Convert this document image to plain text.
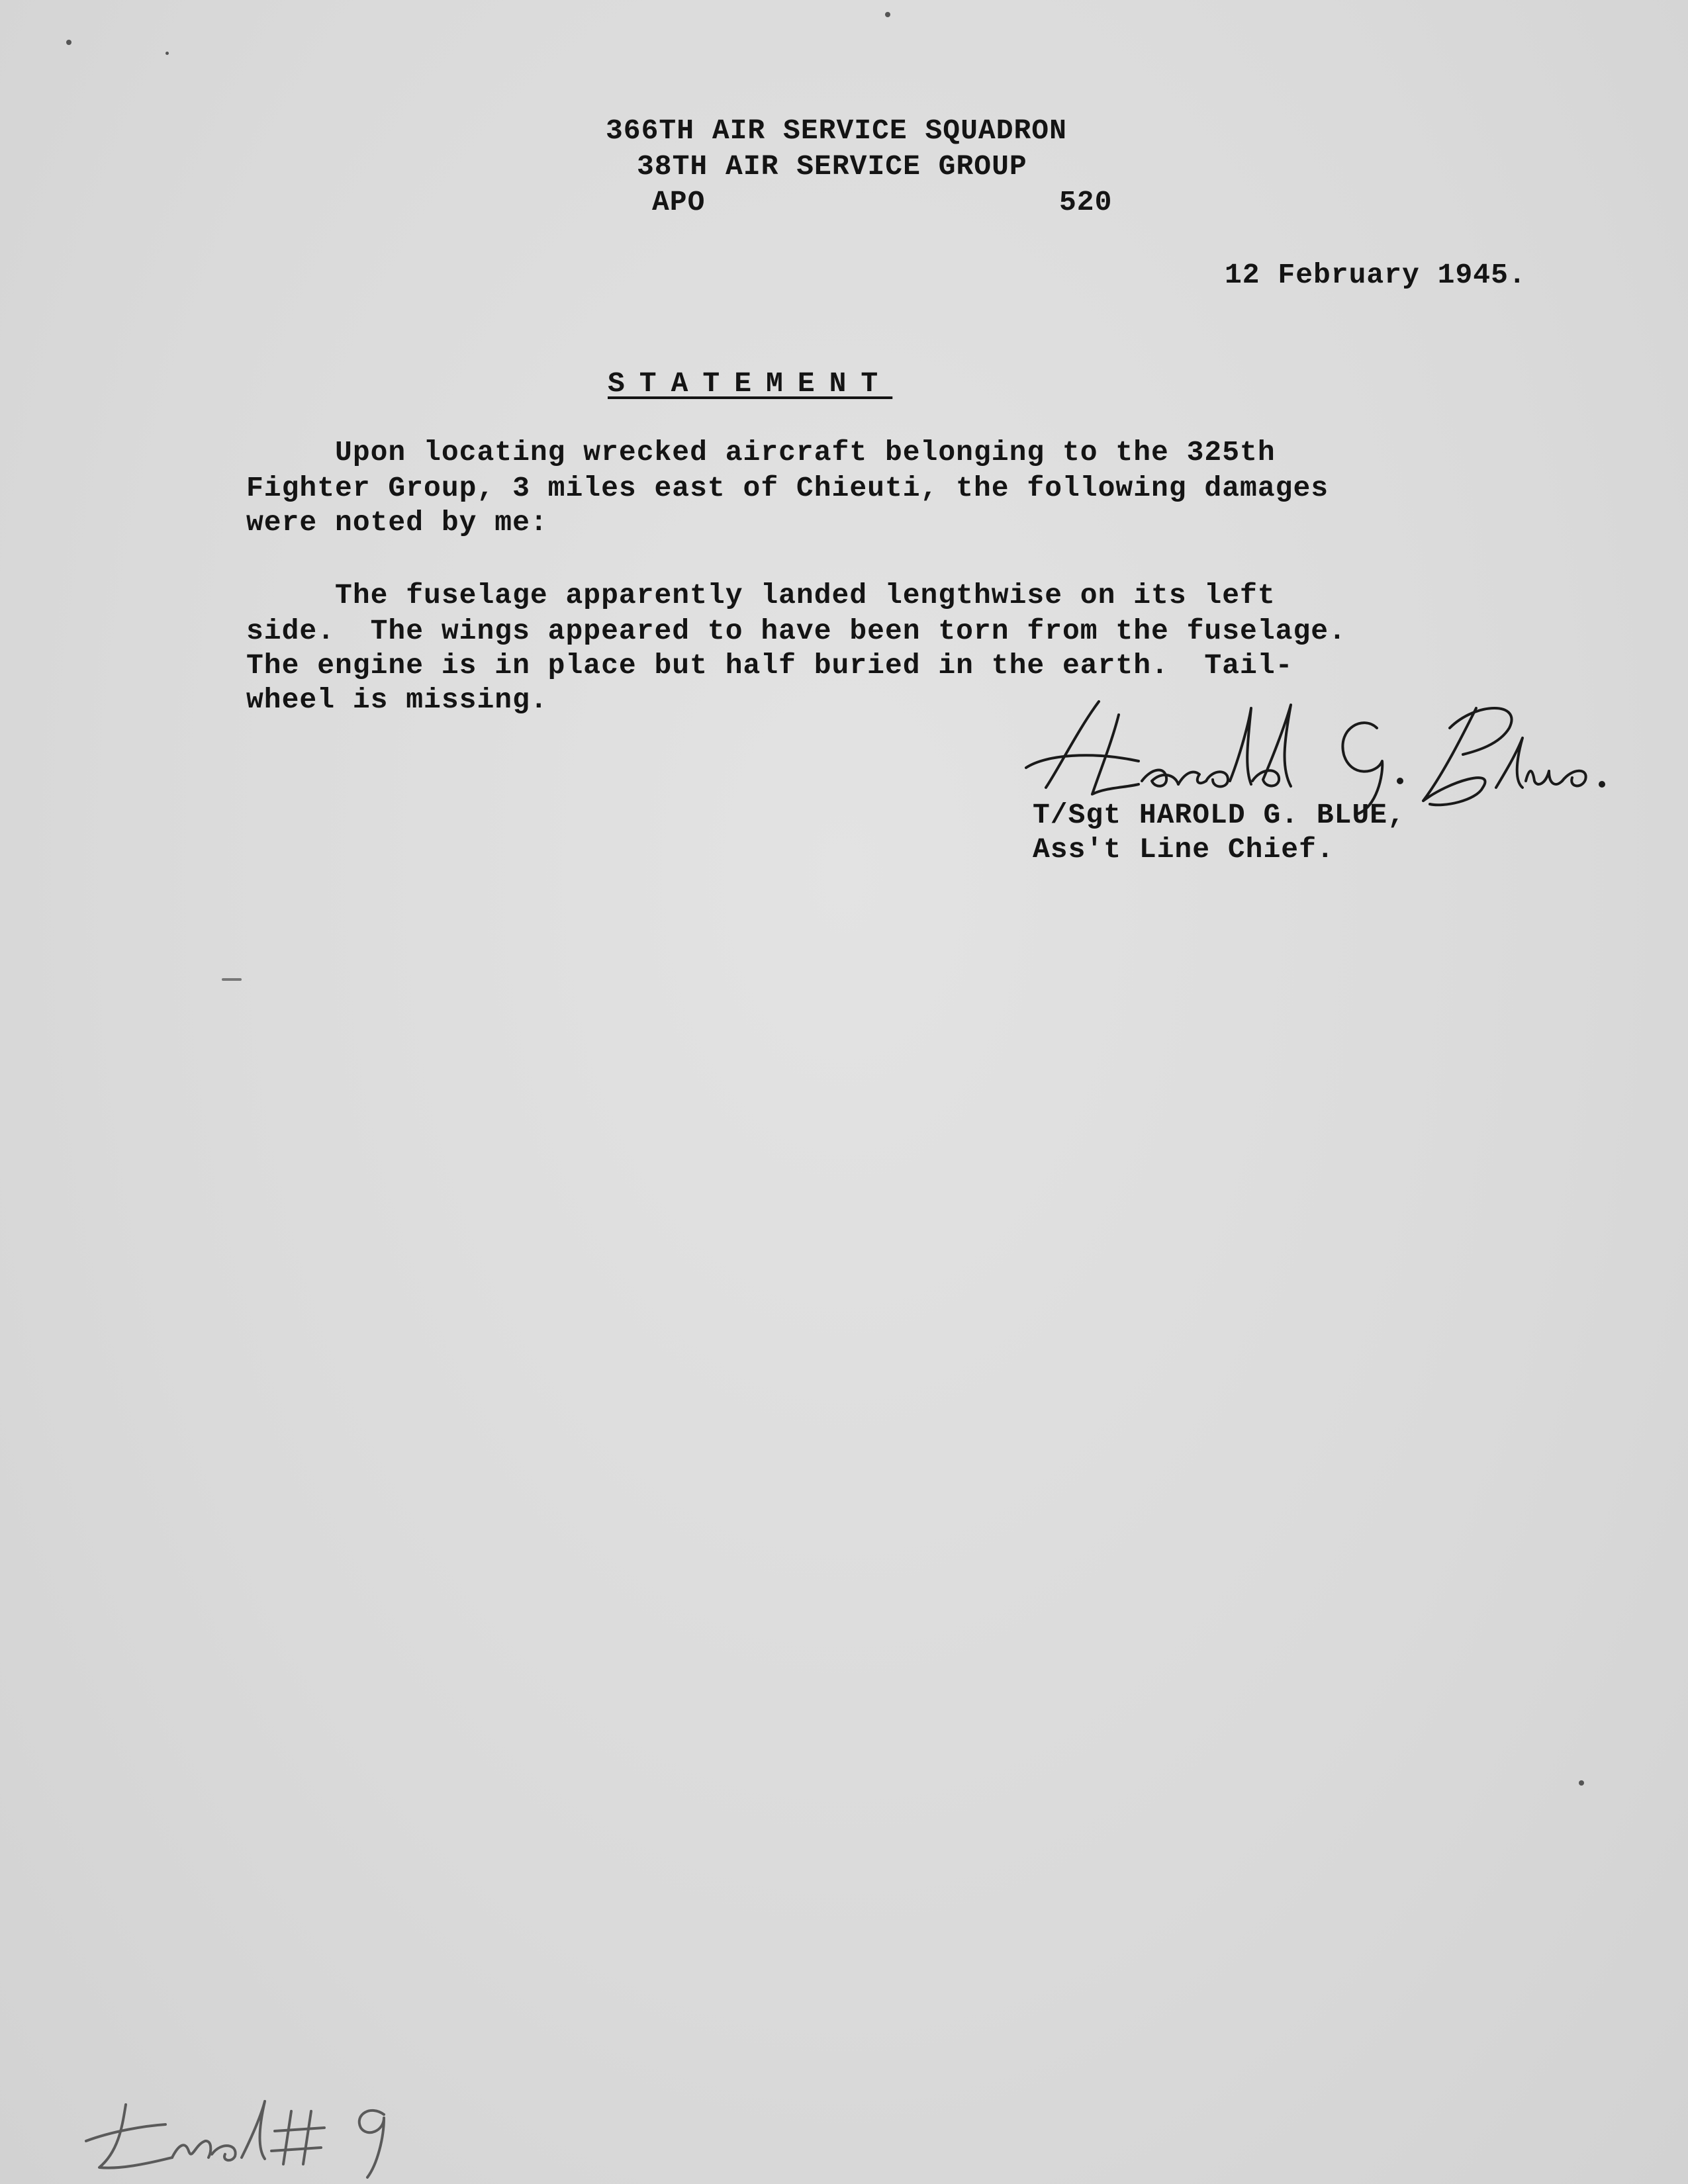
366TH AIR SERVICE SQUADRON
38TH AIR SERVICE GROUP
APO	520
12 February 1945.
STATEMENT
Upon locating wrecked aircraft belonging to the 325th
Fighter Group, 3 miles east of Chieuti, the following damages
were noted by me:
The fuselage apparently landed lengthwise on its left
side.  The wings appeared to have been torn from the fuselage.
The engine is in place but half buried in the earth.  Tail-
wheel is missing.
T/Sgt HAROLD G. BLUE,
Ass't Line Chief.
